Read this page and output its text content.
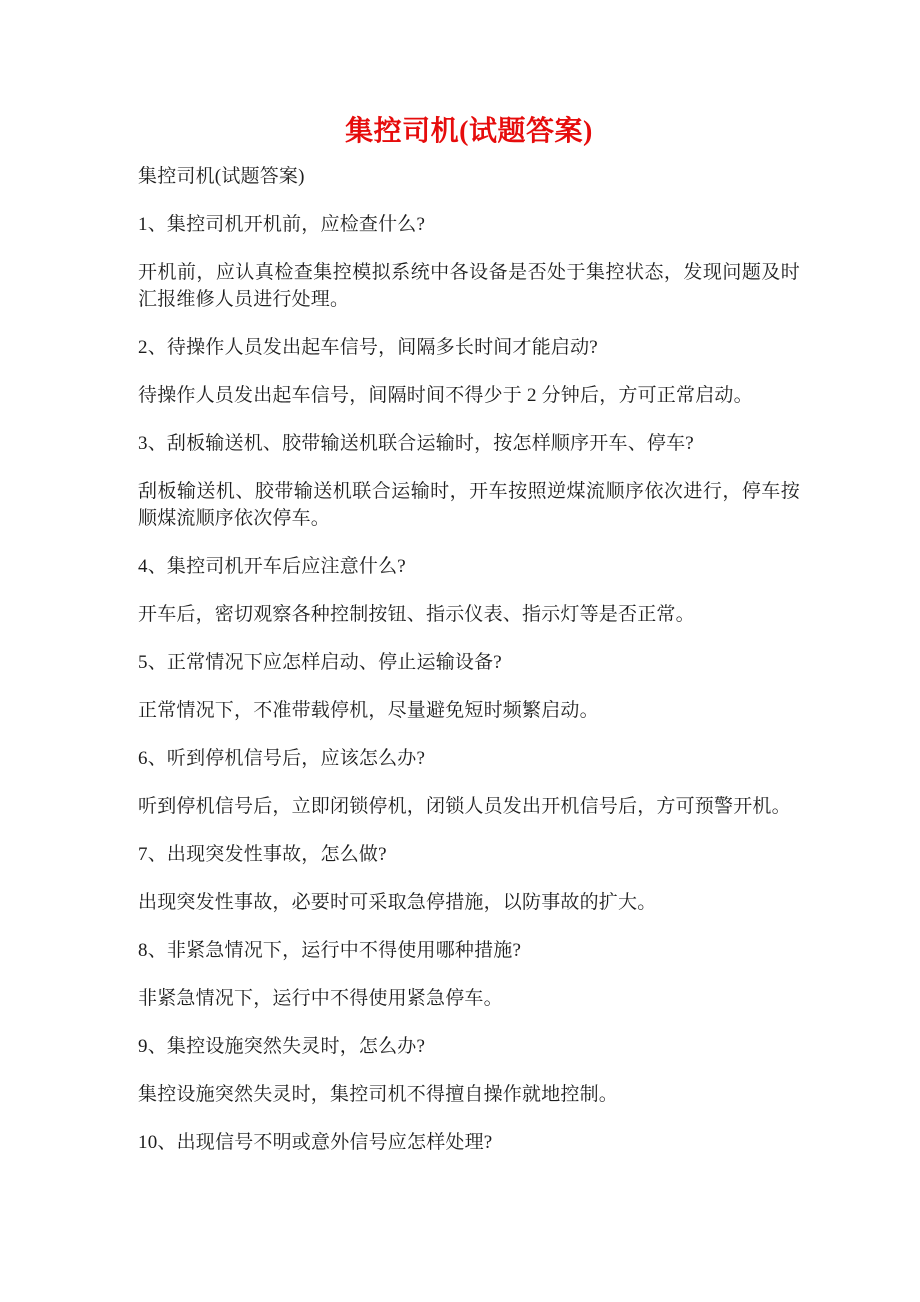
集控司机(试题答案)

集控司机(试题答案)

1、集控司机开机前，应检查什么?

开机前，应认真检查集控模拟系统中各设备是否处于集控状态，发现问题及时汇报维修人员进行处理。

2、待操作人员发出起车信号，间隔多长时间才能启动?

待操作人员发出起车信号，间隔时间不得少于 2 分钟后，方可正常启动。

3、刮板输送机、胶带输送机联合运输时，按怎样顺序开车、停车?

刮板输送机、胶带输送机联合运输时，开车按照逆煤流顺序依次进行，停车按顺煤流顺序依次停车。

4、集控司机开车后应注意什么?

开车后，密切观察各种控制按钮、指示仪表、指示灯等是否正常。

5、正常情况下应怎样启动、停止运输设备?

正常情况下，不准带载停机，尽量避免短时频繁启动。

6、听到停机信号后，应该怎么办?

听到停机信号后，立即闭锁停机，闭锁人员发出开机信号后，方可预警开机。

7、出现突发性事故，怎么做?

出现突发性事故，必要时可采取急停措施，以防事故的扩大。

8、非紧急情况下，运行中不得使用哪种措施?

非紧急情况下，运行中不得使用紧急停车。

9、集控设施突然失灵时，怎么办?

集控设施突然失灵时，集控司机不得擅自操作就地控制。

10、出现信号不明或意外信号应怎样处理?
